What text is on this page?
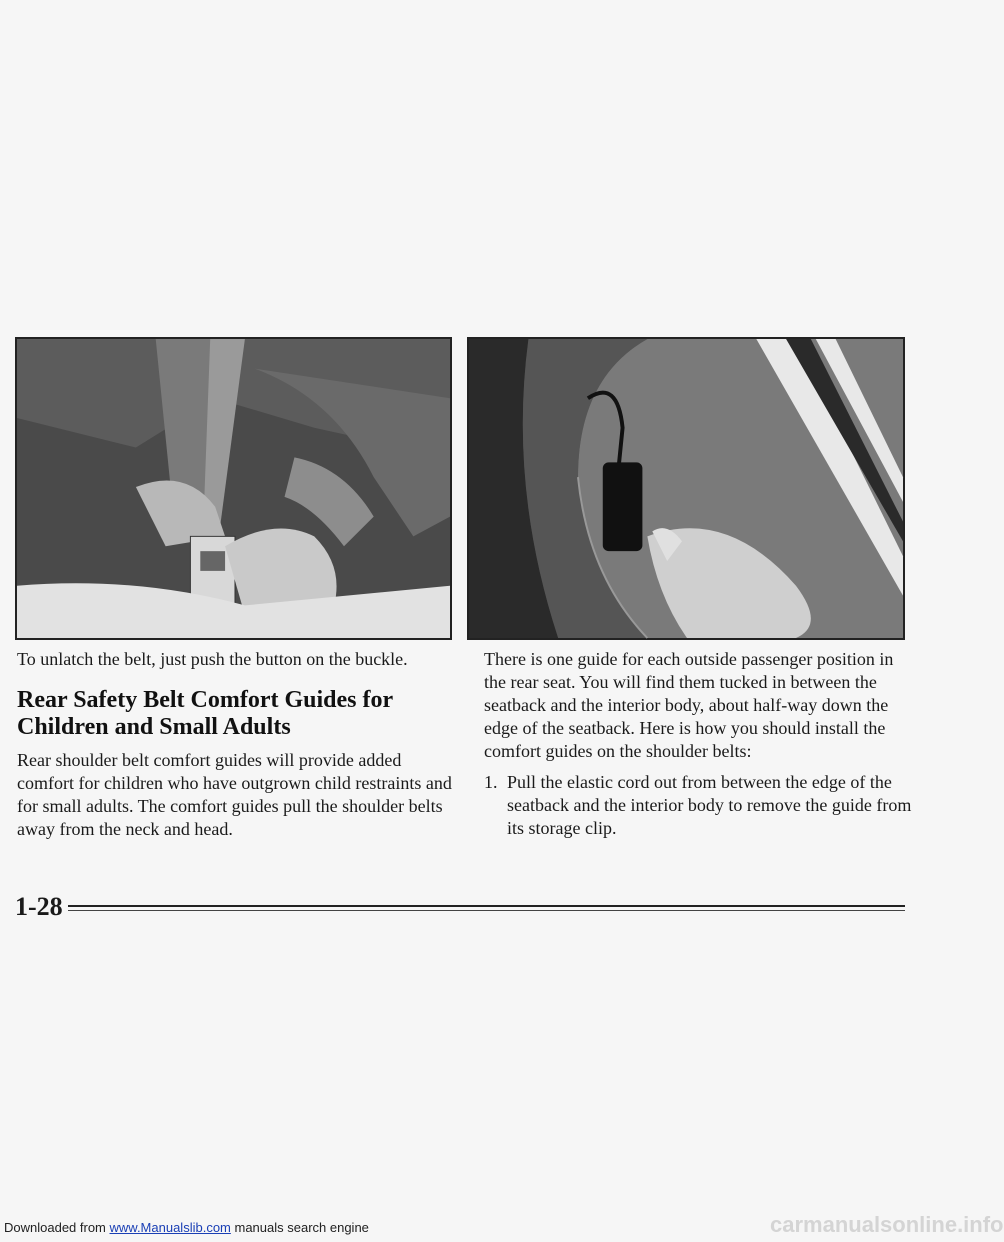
To unlatch the belt, just push the button on the buckle.

Rear Safety Belt Comfort Guides for Children and Small Adults

Rear shoulder belt comfort guides will provide added comfort for children who have outgrown child restraints and for small adults. The comfort guides pull the shoulder belts away from the neck and head.

There is one guide for each outside passenger position in the rear seat. You will find them tucked in between the seatback and the interior body, about half-way down the edge of the seatback. Here is how you should install the comfort guides on the shoulder belts:

1. Pull the elastic cord out from between the edge of the seatback and the interior body to remove the guide from its storage clip.
1-28
Downloaded from www.Manualslib.com manuals search engine	carmanualsonline.info
